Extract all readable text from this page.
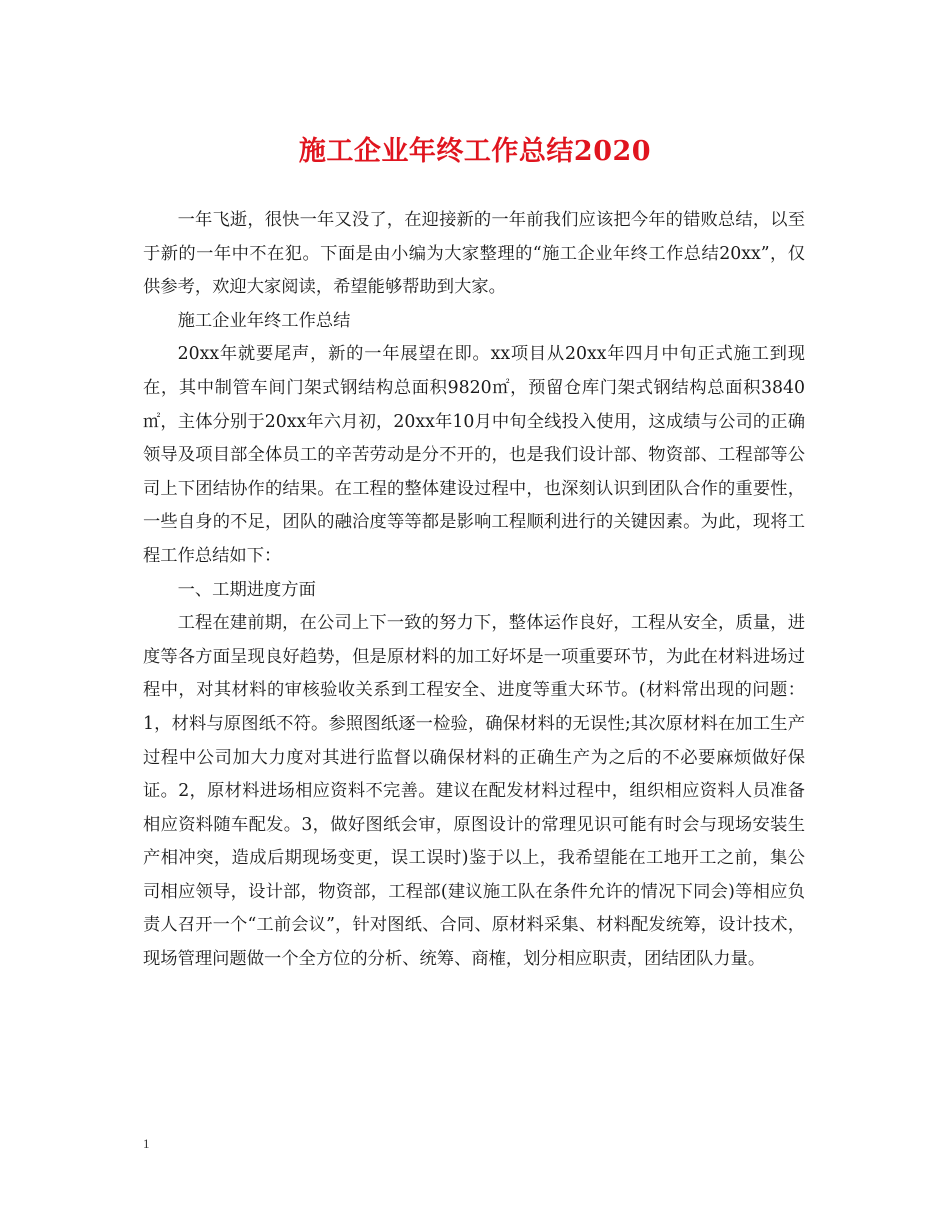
施工企业年终工作总结2020

一年飞逝，很快一年又没了，在迎接新的一年前我们应该把今年的错败总结，以至于新的一年中不在犯。下面是由小编为大家整理的“施工企业年终工作总结20xx”，仅供参考，欢迎大家阅读，希望能够帮助到大家。

施工企业年终工作总结

20xx年就要尾声，新的一年展望在即。xx项目从20xx年四月中旬正式施工到现在，其中制管车间门架式钢结构总面积9820㎡，预留仓库门架式钢结构总面积3840㎡，主体分别于20xx年六月初，20xx年10月中旬全线投入使用，这成绩与公司的正确领导及项目部全体员工的辛苦劳动是分不开的，也是我们设计部、物资部、工程部等公司上下团结协作的结果。在工程的整体建设过程中，也深刻认识到团队合作的重要性，一些自身的不足，团队的融洽度等等都是影响工程顺利进行的关键因素。为此，现将工程工作总结如下：

一、工期进度方面

工程在建前期，在公司上下一致的努力下，整体运作良好，工程从安全，质量，进度等各方面呈现良好趋势，但是原材料的加工好坏是一项重要环节，为此在材料进场过程中，对其材料的审核验收关系到工程安全、进度等重大环节。(材料常出现的问题：1，材料与原图纸不符。参照图纸逐一检验，确保材料的无误性;其次原材料在加工生产过程中公司加大力度对其进行监督以确保材料的正确生产为之后的不必要麻烦做好保证。2，原材料进场相应资料不完善。建议在配发材料过程中，组织相应资料人员准备相应资料随车配发。3，做好图纸会审，原图设计的常理见识可能有时会与现场安装生产相冲突，造成后期现场变更，误工误时)鉴于以上，我希望能在工地开工之前，集公司相应领导，设计部，物资部，工程部(建议施工队在条件允许的情况下同会)等相应负责人召开一个“工前会议”，针对图纸、合同、原材料采集、材料配发统筹，设计技术，现场管理问题做一个全方位的分析、统筹、商榷，划分相应职责，团结团队力量。

1
